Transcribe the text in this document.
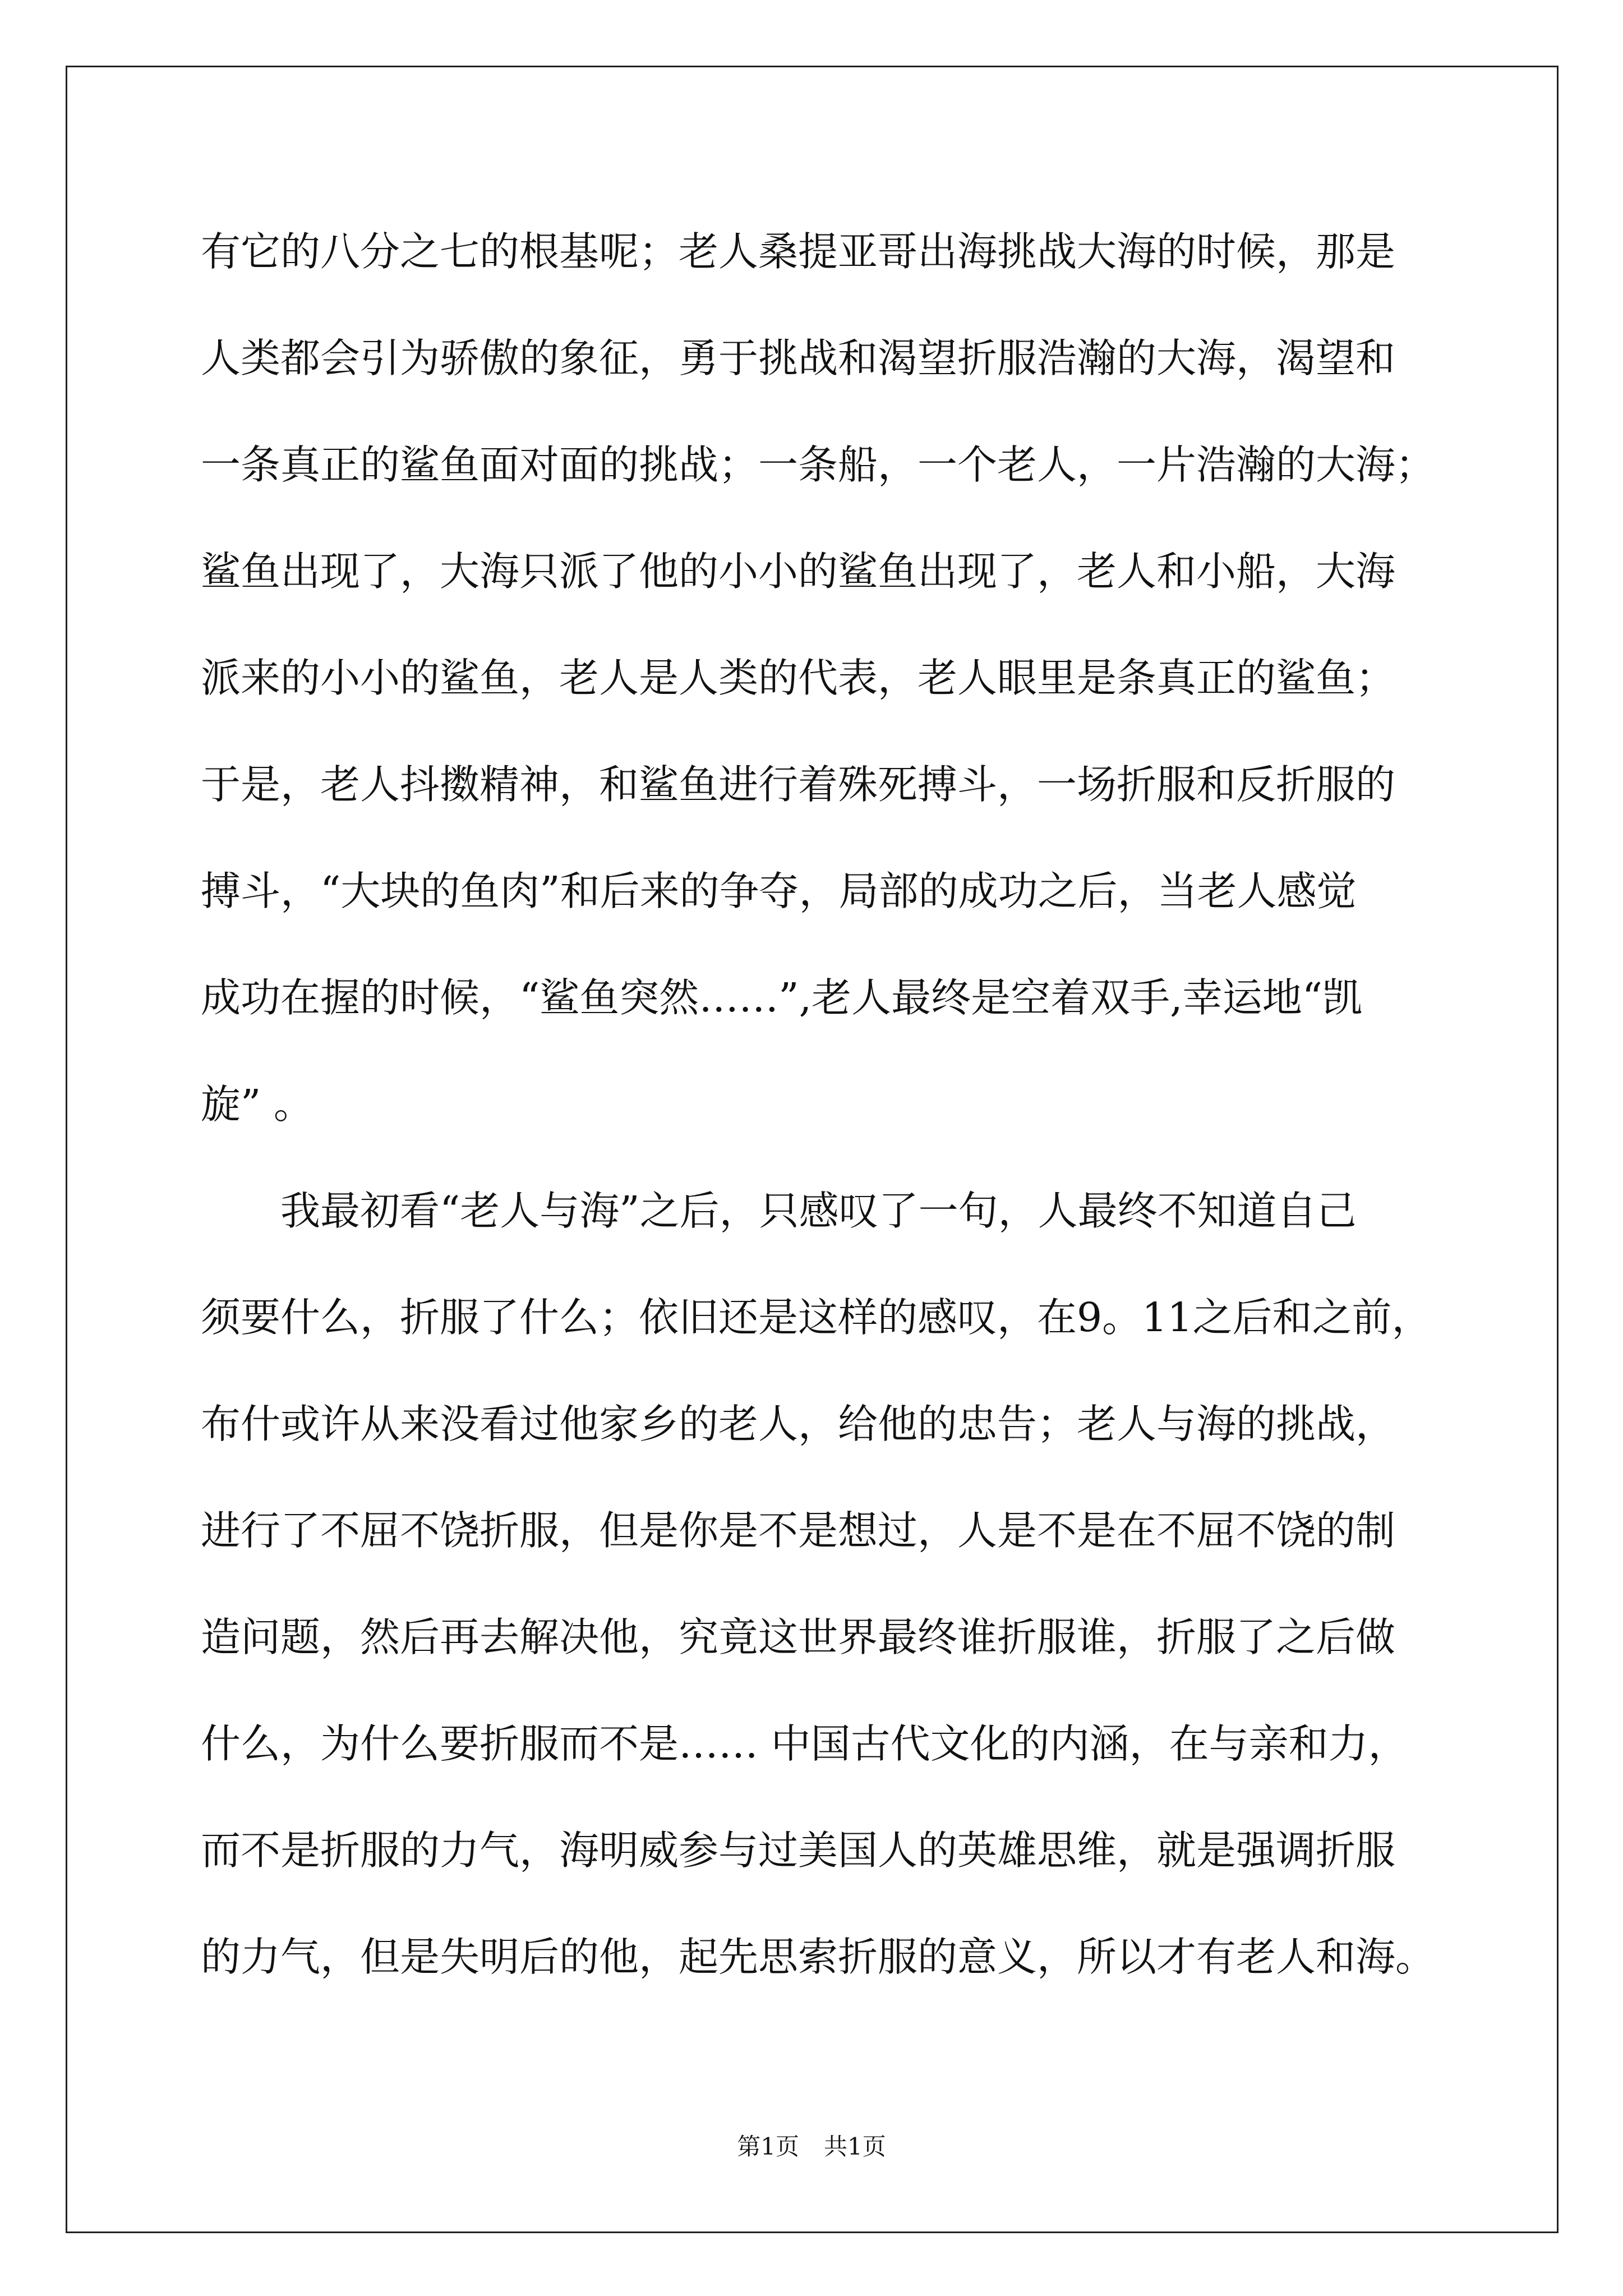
有它的八分之七的根基呢；老人桑提亚哥出海挑战大海的时候，那是
人类都会引为骄傲的象征，勇于挑战和渴望折服浩瀚的大海，渴望和
一条真正的鲨鱼面对面的挑战；一条船，一个老人，一片浩瀚的大海；
鲨鱼出现了，大海只派了他的小小的鲨鱼出现了，老人和小船，大海
派来的小小的鲨鱼，老人是人类的代表，老人眼里是条真正的鲨鱼；
于是，老人抖擞精神，和鲨鱼进行着殊死搏斗，一场折服和反折服的
搏斗，“大块的鱼肉”和后来的争夺，局部的成功之后，当老人感觉
成功在握的时候，“鲨鱼突然……”,老人最终是空着双手,幸运地“凯
旋” 。
我最初看“老人与海”之后，只感叹了一句，人最终不知道自己
须要什么，折服了什么；依旧还是这样的感叹，在9。11之后和之前，
布什或许从来没看过他家乡的老人，给他的忠告；老人与海的挑战，
进行了不屈不饶折服，但是你是不是想过，人是不是在不屈不饶的制
造问题，然后再去解决他，究竟这世界最终谁折服谁，折服了之后做
什么，为什么要折服而不是…… 中国古代文化的内涵，在与亲和力，
而不是折服的力气，海明威参与过美国人的英雄思维，就是强调折服
的力气，但是失明后的他，起先思索折服的意义，所以才有老人和海。
第1页 共1页
